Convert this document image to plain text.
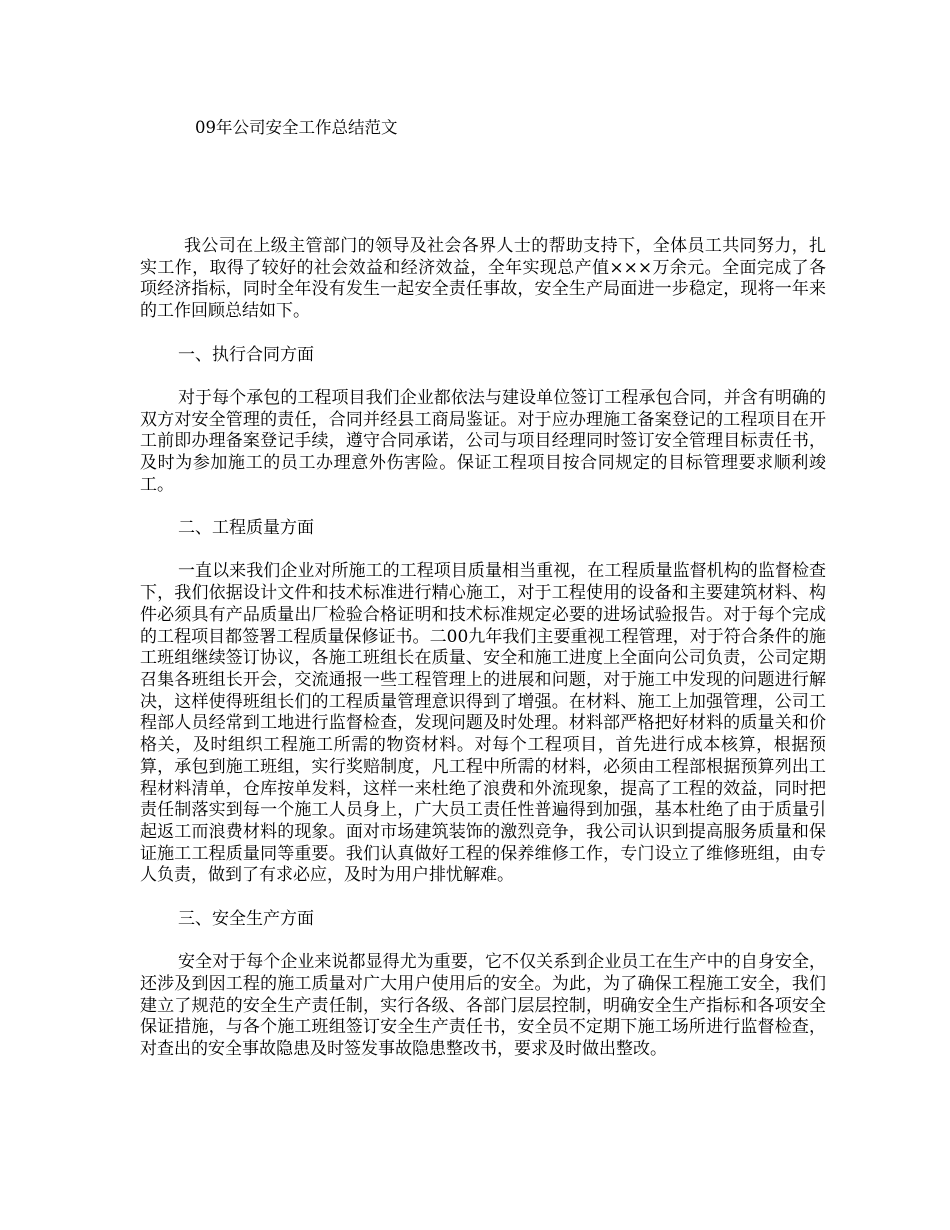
09年公司安全工作总结范文

我公司在上级主管部门的领导及社会各界人士的帮助支持下，全体员工共同努力，扎实工作，取得了较好的社会效益和经济效益，全年实现总产值×××万余元。全面完成了各项经济指标，同时全年没有发生一起安全责任事故，安全生产局面进一步稳定，现将一年来的工作回顾总结如下。

一、执行合同方面

对于每个承包的工程项目我们企业都依法与建设单位签订工程承包合同，并含有明确的双方对安全管理的责任，合同并经县工商局鉴证。对于应办理施工备案登记的工程项目在开工前即办理备案登记手续，遵守合同承诺，公司与项目经理同时签订安全管理目标责任书，及时为参加施工的员工办理意外伤害险。保证工程项目按合同规定的目标管理要求顺利竣工。

二、工程质量方面

一直以来我们企业对所施工的工程项目质量相当重视，在工程质量监督机构的监督检查下，我们依据设计文件和技术标准进行精心施工，对于工程使用的设备和主要建筑材料、构件必须具有产品质量出厂检验合格证明和技术标准规定必要的进场试验报告。对于每个完成的工程项目都签署工程质量保修证书。二00九年我们主要重视工程管理，对于符合条件的施工班组继续签订协议，各施工班组长在质量、安全和施工进度上全面向公司负责，公司定期召集各班组长开会，交流通报一些工程管理上的进展和问题，对于施工中发现的问题进行解决，这样使得班组长们的工程质量管理意识得到了增强。在材料、施工上加强管理，公司工程部人员经常到工地进行监督检查，发现问题及时处理。材料部严格把好材料的质量关和价格关，及时组织工程施工所需的物资材料。对每个工程项目，首先进行成本核算，根据预算，承包到施工班组，实行奖赔制度，凡工程中所需的材料，必须由工程部根据预算列出工程材料清单，仓库按单发料，这样一来杜绝了浪费和外流现象，提高了工程的效益，同时把责任制落实到每一个施工人员身上，广大员工责任性普遍得到加强，基本杜绝了由于质量引起返工而浪费材料的现象。面对市场建筑装饰的激烈竞争，我公司认识到提高服务质量和保证施工工程质量同等重要。我们认真做好工程的保养维修工作，专门设立了维修班组，由专人负责，做到了有求必应，及时为用户排忧解难。

三、安全生产方面

安全对于每个企业来说都显得尤为重要，它不仅关系到企业员工在生产中的自身安全，还涉及到因工程的施工质量对广大用户使用后的安全。为此，为了确保工程施工安全，我们建立了规范的安全生产责任制，实行各级、各部门层层控制，明确安全生产指标和各项安全保证措施，与各个施工班组签订安全生产责任书，安全员不定期下施工场所进行监督检查，对查出的安全事故隐患及时签发事故隐患整改书，要求及时做出整改。
